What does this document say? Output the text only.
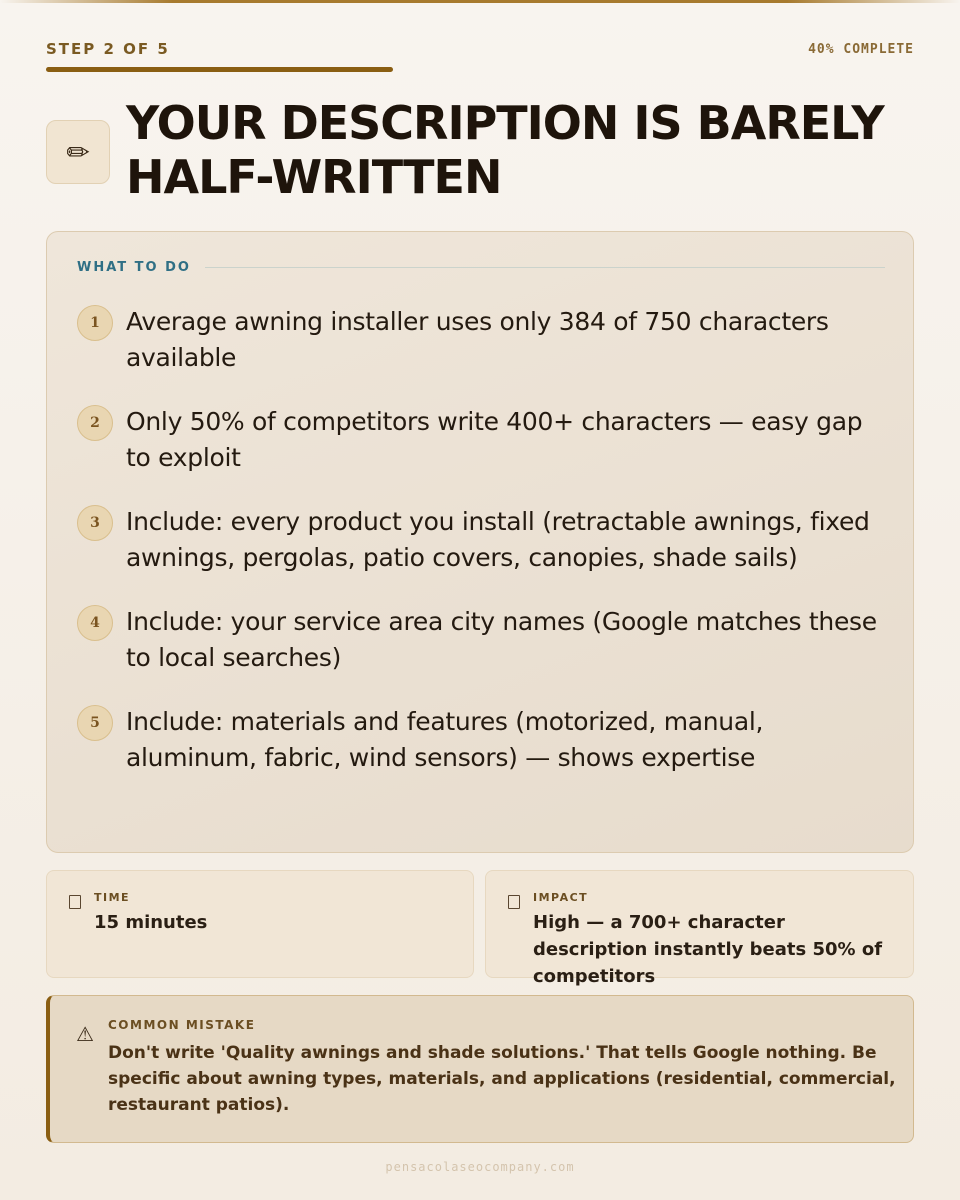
STEP 2 OF 5	40% COMPLETE
✏
YOUR DESCRIPTION IS BARELY HALF-WRITTEN
WHAT TO DO
1	Average awning installer uses only 384 of 750 characters available
2	Only 50% of competitors write 400+ characters — easy gap to exploit
3	Include: every product you install (retractable awnings, fixed awnings, pergolas, patio covers, canopies, shade sails)
4	Include: your service area city names (Google matches these to local searches)
5	Include: materials and features (motorized, manual, aluminum, fabric, wind sensors) — shows expertise
TIME
15 minutes
IMPACT
High — a 700+ character description instantly beats 50% of competitors
⚠ COMMON MISTAKE

Don't write 'Quality awnings and shade solutions.' That tells Google nothing. Be specific about awning types, materials, and applications (residential, commercial, restaurant patios).

pensacolaseocompany.com
